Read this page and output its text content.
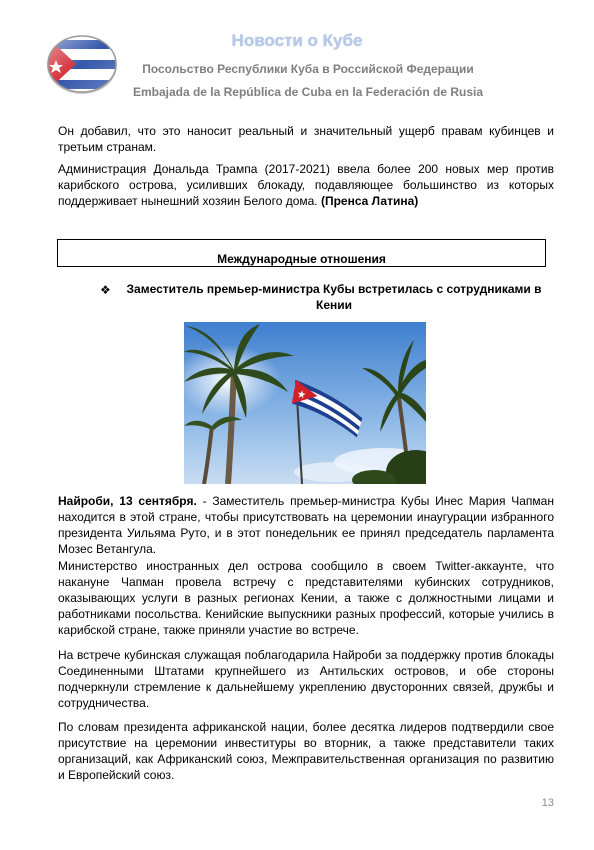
Новости о Кубе
Посольство Республики Куба в Российской Федерации
Embajada de la República de Cuba en la Federación de Rusia
Он добавил, что это наносит реальный и значительный ущерб правам кубинцев и третьим странам.
Администрация Дональда Трампа (2017-2021) ввела более 200 новых мер против карибского острова, усиливших блокаду, подавляющее большинство из которых поддерживает нынешний хозяин Белого дома. (Пренса Латина)
Международные отношения
❖	Заместитель премьер-министра Кубы встретилась с сотрудниками в Кении
Найроби, 13 сентября. - Заместитель премьер-министра Кубы Инес Мария Чапман находится в этой стране, чтобы присутствовать на церемонии инаугурации избранного президента Уильяма Руто, и в этот понедельник ее принял председатель парламента Мозес Ветангула.
Министерство иностранных дел острова сообщило в своем Twitter-аккаунте, что накануне Чапман провела встречу с представителями кубинских сотрудников, оказывающих услуги в разных регионах Кении, а также с должностными лицами и работниками посольства. Кенийские выпускники разных профессий, которые учились в карибской стране, также приняли участие во встрече.
На встрече кубинская служащая поблагодарила Найроби за поддержку против блокады Соединенными Штатами крупнейшего из Антильских островов, и обе стороны подчеркнули стремление к дальнейшему укреплению двусторонних связей, дружбы и сотрудничества.
По словам президента африканской нации, более десятка лидеров подтвердили свое присутствие на церемонии инвеституры во вторник, а также представители таких организаций, как Африканский союз, Межправительственная организация по развитию и Европейский союз.
13
